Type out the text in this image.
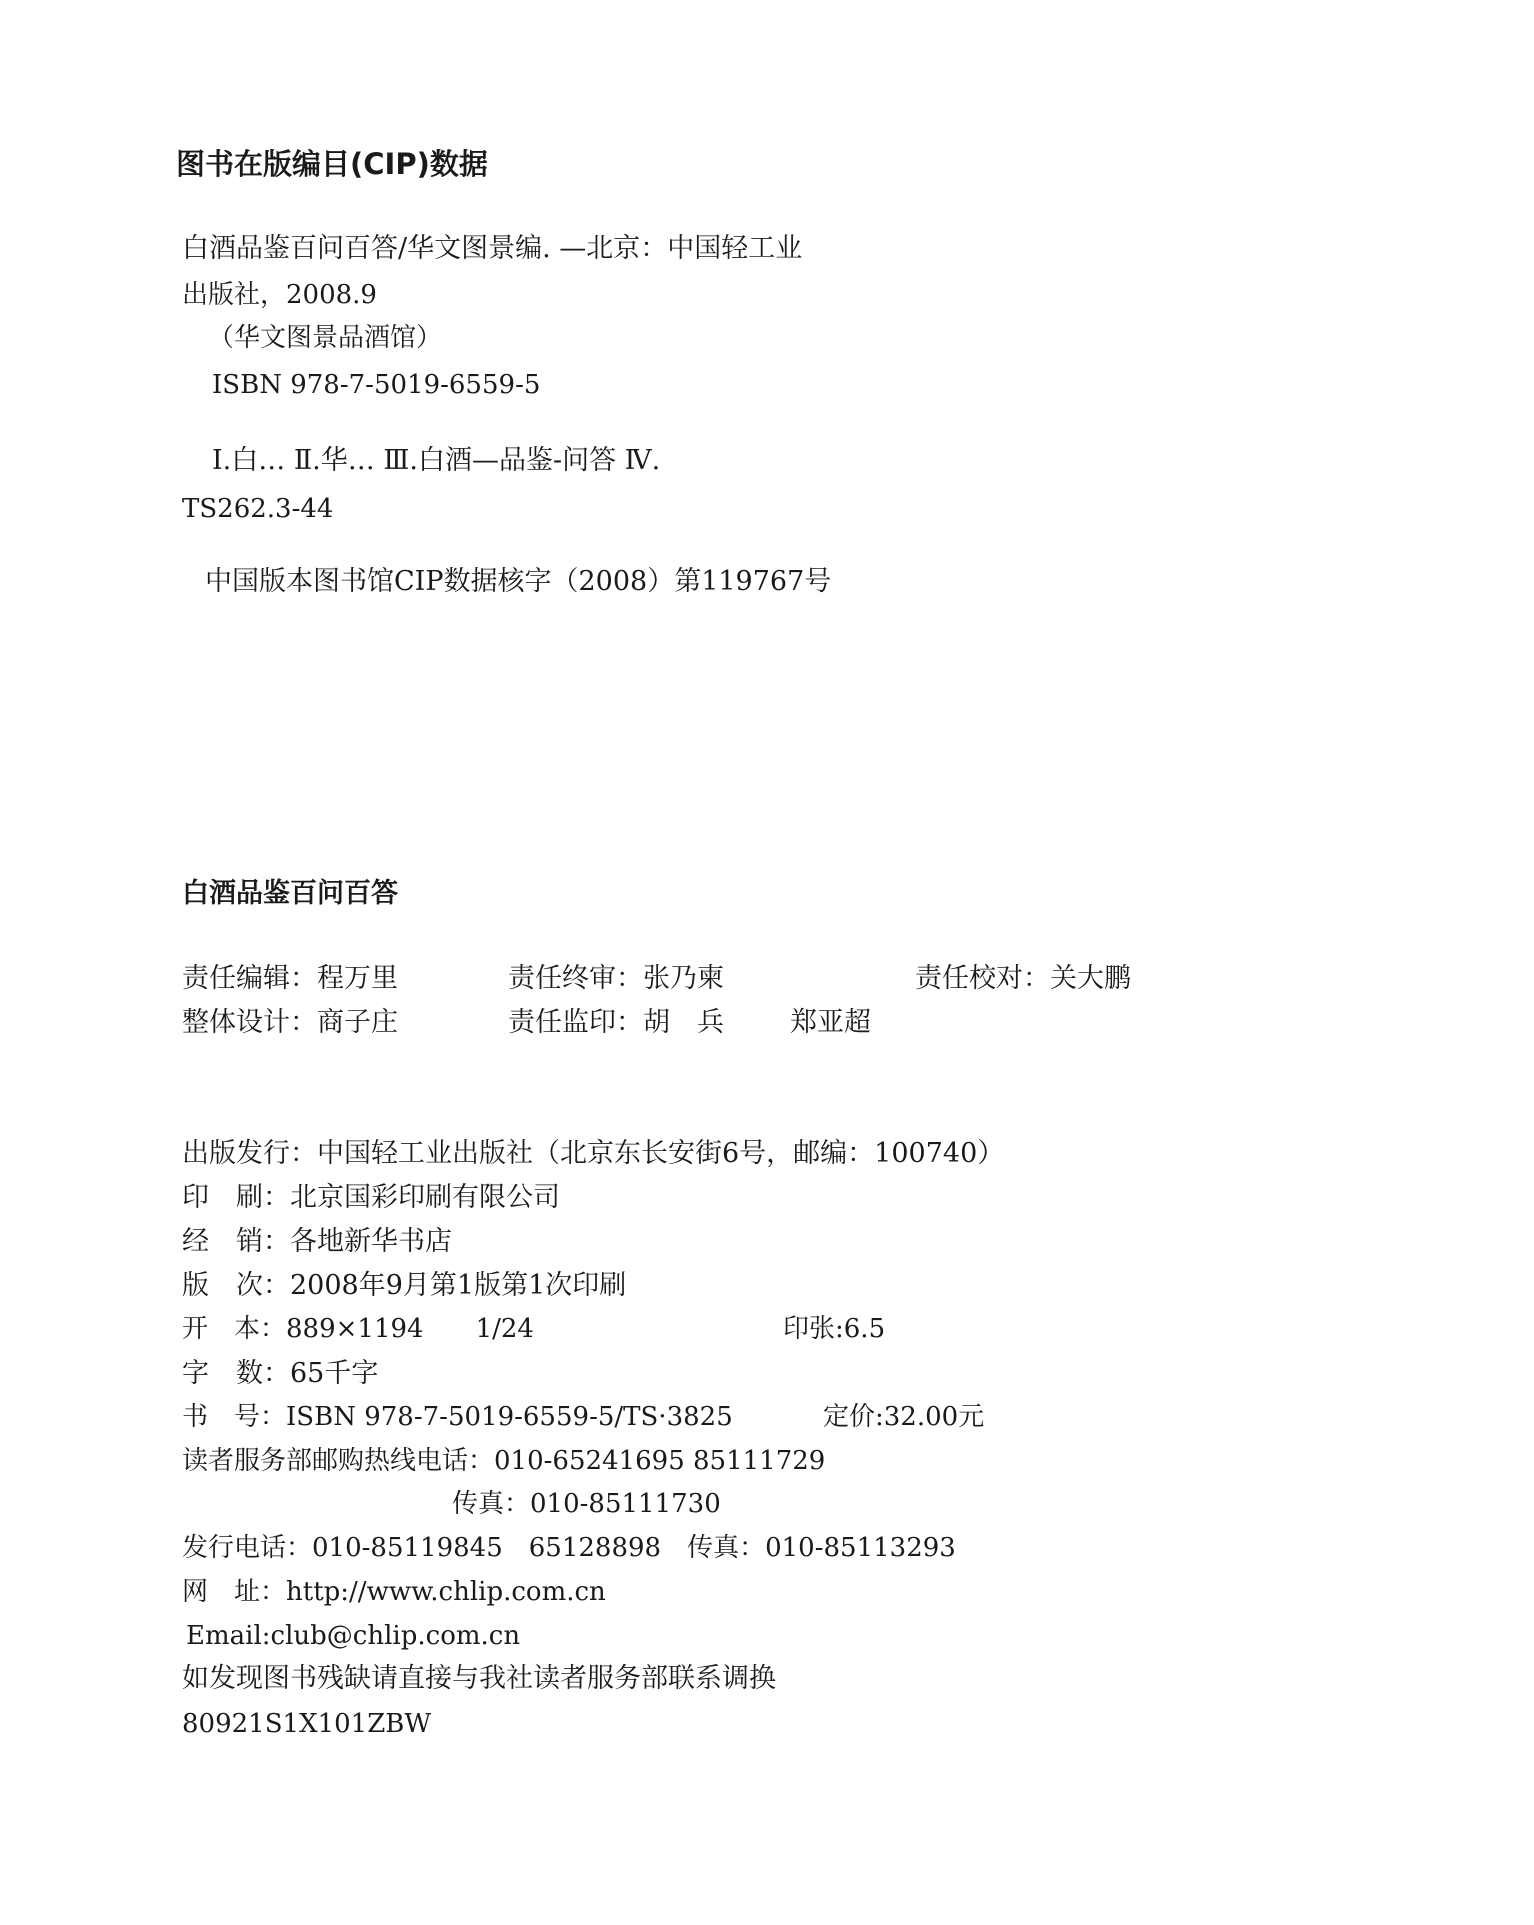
图书在版编目(CIP)数据
白酒品鉴百问百答/华文图景编. —北京：中国轻工业
出版社，2008.9
（华文图景品酒馆）
ISBN 978-7-5019-6559-5
Ⅰ.白… Ⅱ.华… Ⅲ.白酒—品鉴-问答 Ⅳ.
TS262.3-44
中国版本图书馆CIP数据核字（2008）第119767号
白酒品鉴百问百答
责任编辑：程万里	责任终审：张乃柬	责任校对：关大鹏
整体设计：商子庄	责任监印：胡　兵 郑亚超
出版发行：中国轻工业出版社（北京东长安街6号，邮编：100740）
印　刷：北京国彩印刷有限公司
经　销：各地新华书店
版　次：2008年9月第1版第1次印刷
开　本：889×1194　　1/24	印张:6.5
字　数：65千字
书　号：ISBN 978-7-5019-6559-5/TS·3825	定价:32.00元
读者服务部邮购热线电话：010-65241695 85111729
传真：010-85111730
发行电话：010-85119845　65128898　传真：010-85113293
网　址：http://www.chlip.com.cn
Email:club@chlip.com.cn
如发现图书残缺请直接与我社读者服务部联系调换
80921S1X101ZBW
